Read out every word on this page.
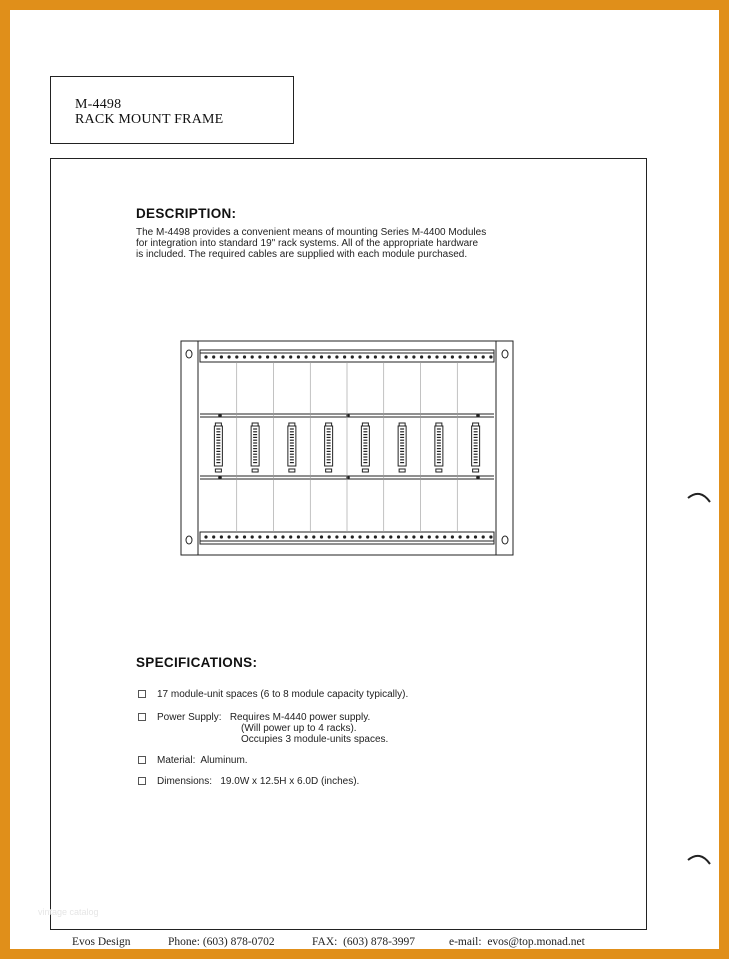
M-4498
RACK MOUNT FRAME
DESCRIPTION:
The M-4498 provides a convenient means of mounting Series M-4400 Modules
for integration into standard 19" rack systems. All of the appropriate hardware
is included. The required cables are supplied with each module purchased.
SPECIFICATIONS:
17 module-unit spaces (6 to 8 module capacity typically).
Power Supply:   Requires M-4440 power supply.
(Will power up to 4 racks).
Occupies 3 module-units spaces.
Material:  Aluminum.
Dimensions:   19.0W x 12.5H x 6.0D (inches).
vintage catalog
Evos Design	Phone: (603) 878-0702	FAX:  (603) 878-3997	e-mail:  evos@top.monad.net
